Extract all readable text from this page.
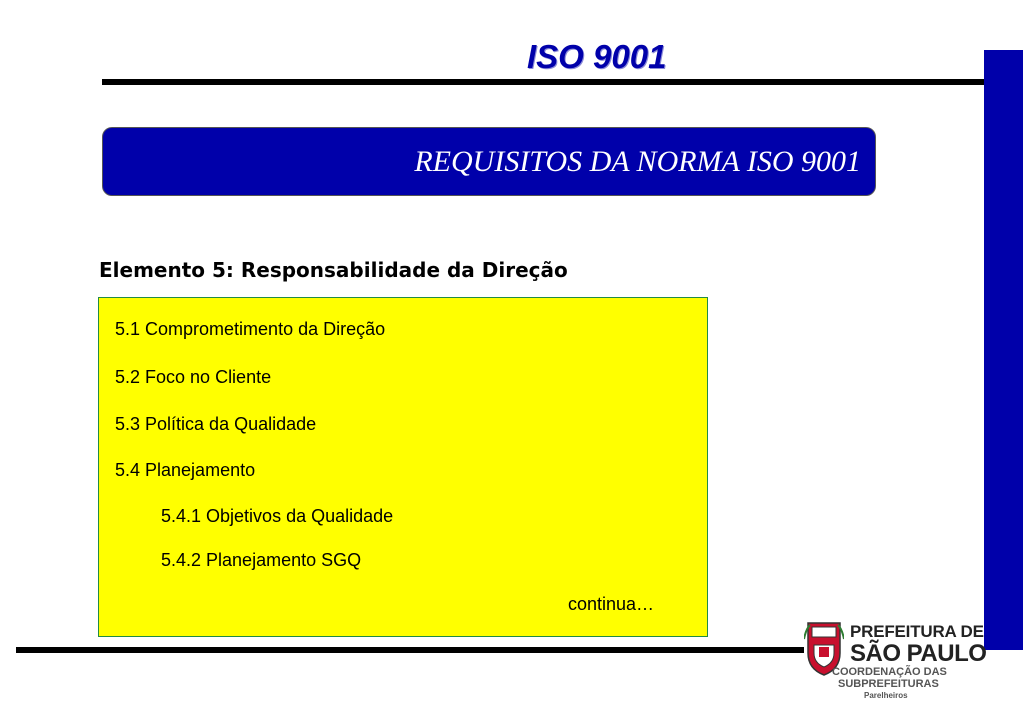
ISO 9001
REQUISITOS DA NORMA ISO 9001
Elemento 5: Responsabilidade da Direção
5.1 Comprometimento da Direção
5.2 Foco no Cliente
5.3 Política da Qualidade
5.4 Planejamento
5.4.1 Objetivos da Qualidade
5.4.2 Planejamento SGQ
continua…
PREFEITURA DE
SÃO PAULO
COORDENAÇÃO DAS
SUBPREFEITURAS
Parelheiros
